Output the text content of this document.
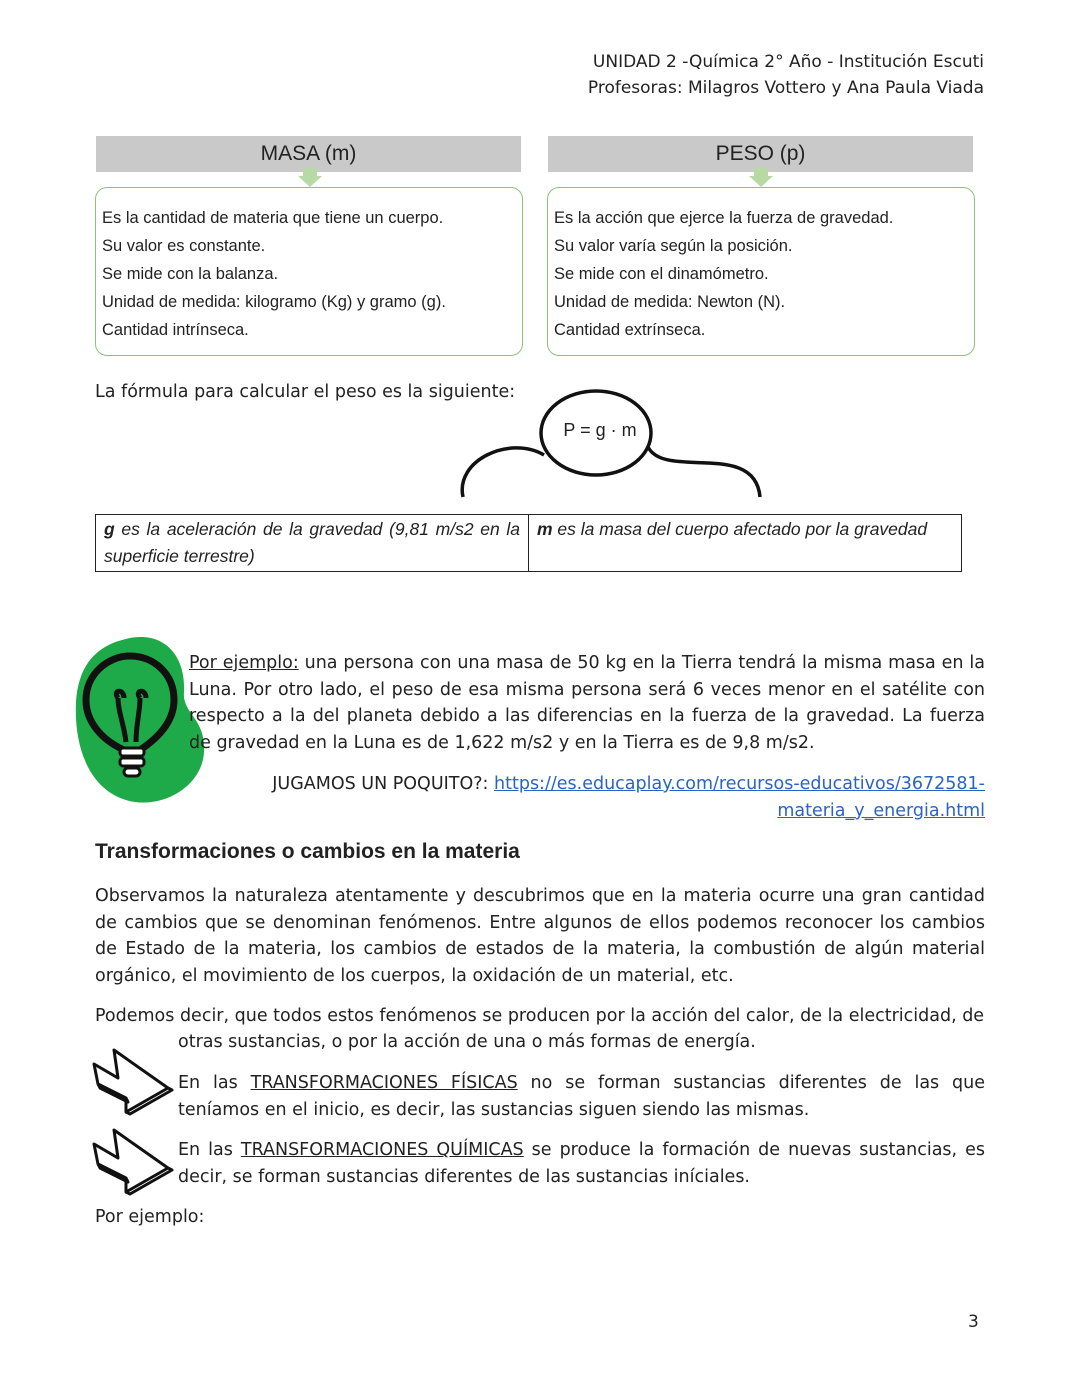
UNIDAD 2 -Química 2° Año - Institución Escuti
Profesoras: Milagros Vottero y Ana Paula Viada
MASA (m)
Es la cantidad de materia que tiene un cuerpo.
Su valor es constante.
Se mide con la balanza.
Unidad de medida: kilogramo (Kg) y gramo (g).
Cantidad intrínseca.
PESO (p)
Es la acción que ejerce la fuerza de gravedad.
Su valor varía según la posición.
Se mide con el dinamómetro.
Unidad de medida: Newton (N).
Cantidad extrínseca.
La fórmula para calcular el peso es la siguiente:
P = g · m
g es la aceleración de la gravedad (9,81 m/s2 en la superficie terrestre)	m es la masa del cuerpo afectado por la gravedad
Por ejemplo: una persona con una masa de 50 kg en la Tierra tendrá la misma masa en la Luna. Por otro lado, el peso de esa misma persona será 6 veces menor en el satélite con respecto a la del planeta debido a las diferencias en la fuerza de la gravedad. La fuerza de gravedad en la Luna es de 1,622 m/s2 y en la Tierra es de 9,8 m/s2.
JUGAMOS UN POQUITO?: https://es.educaplay.com/recursos-educativos/3672581-
materia_y_energia.html
Transformaciones o cambios en la materia
Observamos la naturaleza atentamente y descubrimos que en la materia ocurre una gran cantidad de cambios que se denominan fenómenos. Entre algunos de ellos podemos reconocer los cambios de Estado de la materia, los cambios de estados de la materia, la combustión de algún material orgánico, el movimiento de los cuerpos, la oxidación de un material, etc.
Podemos decir, que todos estos fenómenos se producen por la acción del calor, de la electricidad, de
otras sustancias, o por la acción de una o más formas de energía.
En las TRANSFORMACIONES FÍSICAS no se forman sustancias diferentes de las que teníamos en el inicio, es decir, las sustancias siguen siendo las mismas.
En las TRANSFORMACIONES QUÍMICAS se produce la formación de nuevas sustancias, es decir, se forman sustancias diferentes de las sustancias iníciales.
Por ejemplo:
3
